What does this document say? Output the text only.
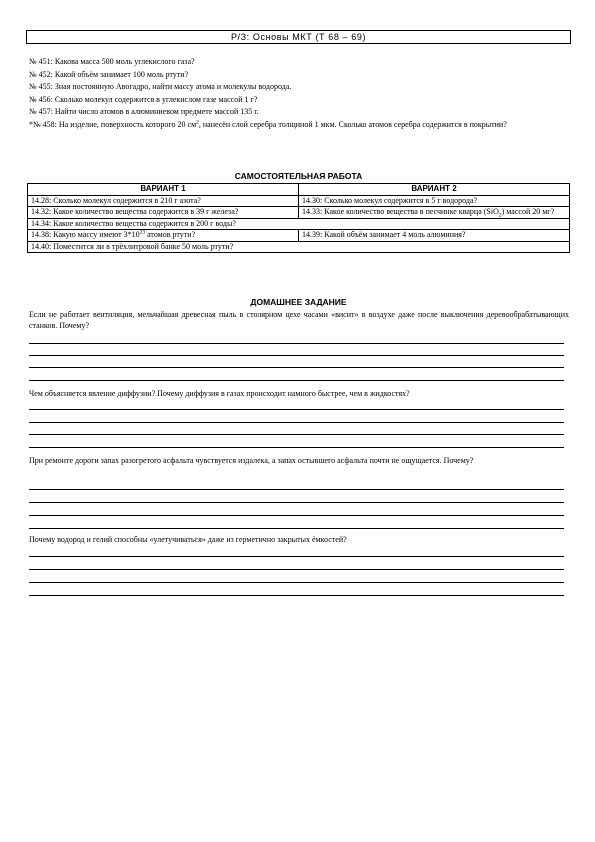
Р/З: Основы МКТ (Т 68 – 69)
№ 451: Какова масса 500 моль углекислого газа?
№ 452: Какой объём занимает 100 моль ртути?
№ 455: Зная постоянную Авогадро, найти массу атома и молекулы водорода.
№ 456: Сколько молекул содержится в углекислом газе массой 1 г?
№ 457: Найти число атомов в алюминиевом предмете массой 135 г.
*№ 458: На изделие, поверхность которого 20 $см^2$, нанесён слой серебра толщиной 1 мкм. Сколько атомов серебра содержится в покрытии?
САМОСТОЯТЕЛЬНАЯ РАБОТА
ВАРИАНТ 1	ВАРИАНТ 2
14.28: Сколько молекул содержится в 210 г азота?	14.30: Сколько молекул содержится в 5 г водорода?
14.32: Какое количество вещества содержится в 39 г железа?	14.33: Какое количество вещества в песчинке кварца (SiO$_2$) массой 20 мг?
14.34: Какое количество вещества содержится в 200 г воды?	
14.38: Какую массу имеют $3*10^{23}$ атомов ртути?	14.39: Какой объём занимает 4 моль алюминия?
14.40: Поместится ли в трёхлитровой банке 50 моль ртути?	
ДОМАШНЕЕ ЗАДАНИЕ
Если не работает вентиляция, мельчайшая древесная пыль в столярном цехе часами «висит» в воздухе даже после выключения деревообрабатывающих станков. Почему?
Чем объясняется явление диффузии? Почему диффузия в газах происходит намного быстрее, чем в жидкостях?
При ремонте дороги запах разогретого асфальта чувствуется издалека, а запах остывшего асфальта почти не ощущается. Почему?
Почему водород и гелий способны «улетучиваться» даже из герметично закрытых ёмкостей?
